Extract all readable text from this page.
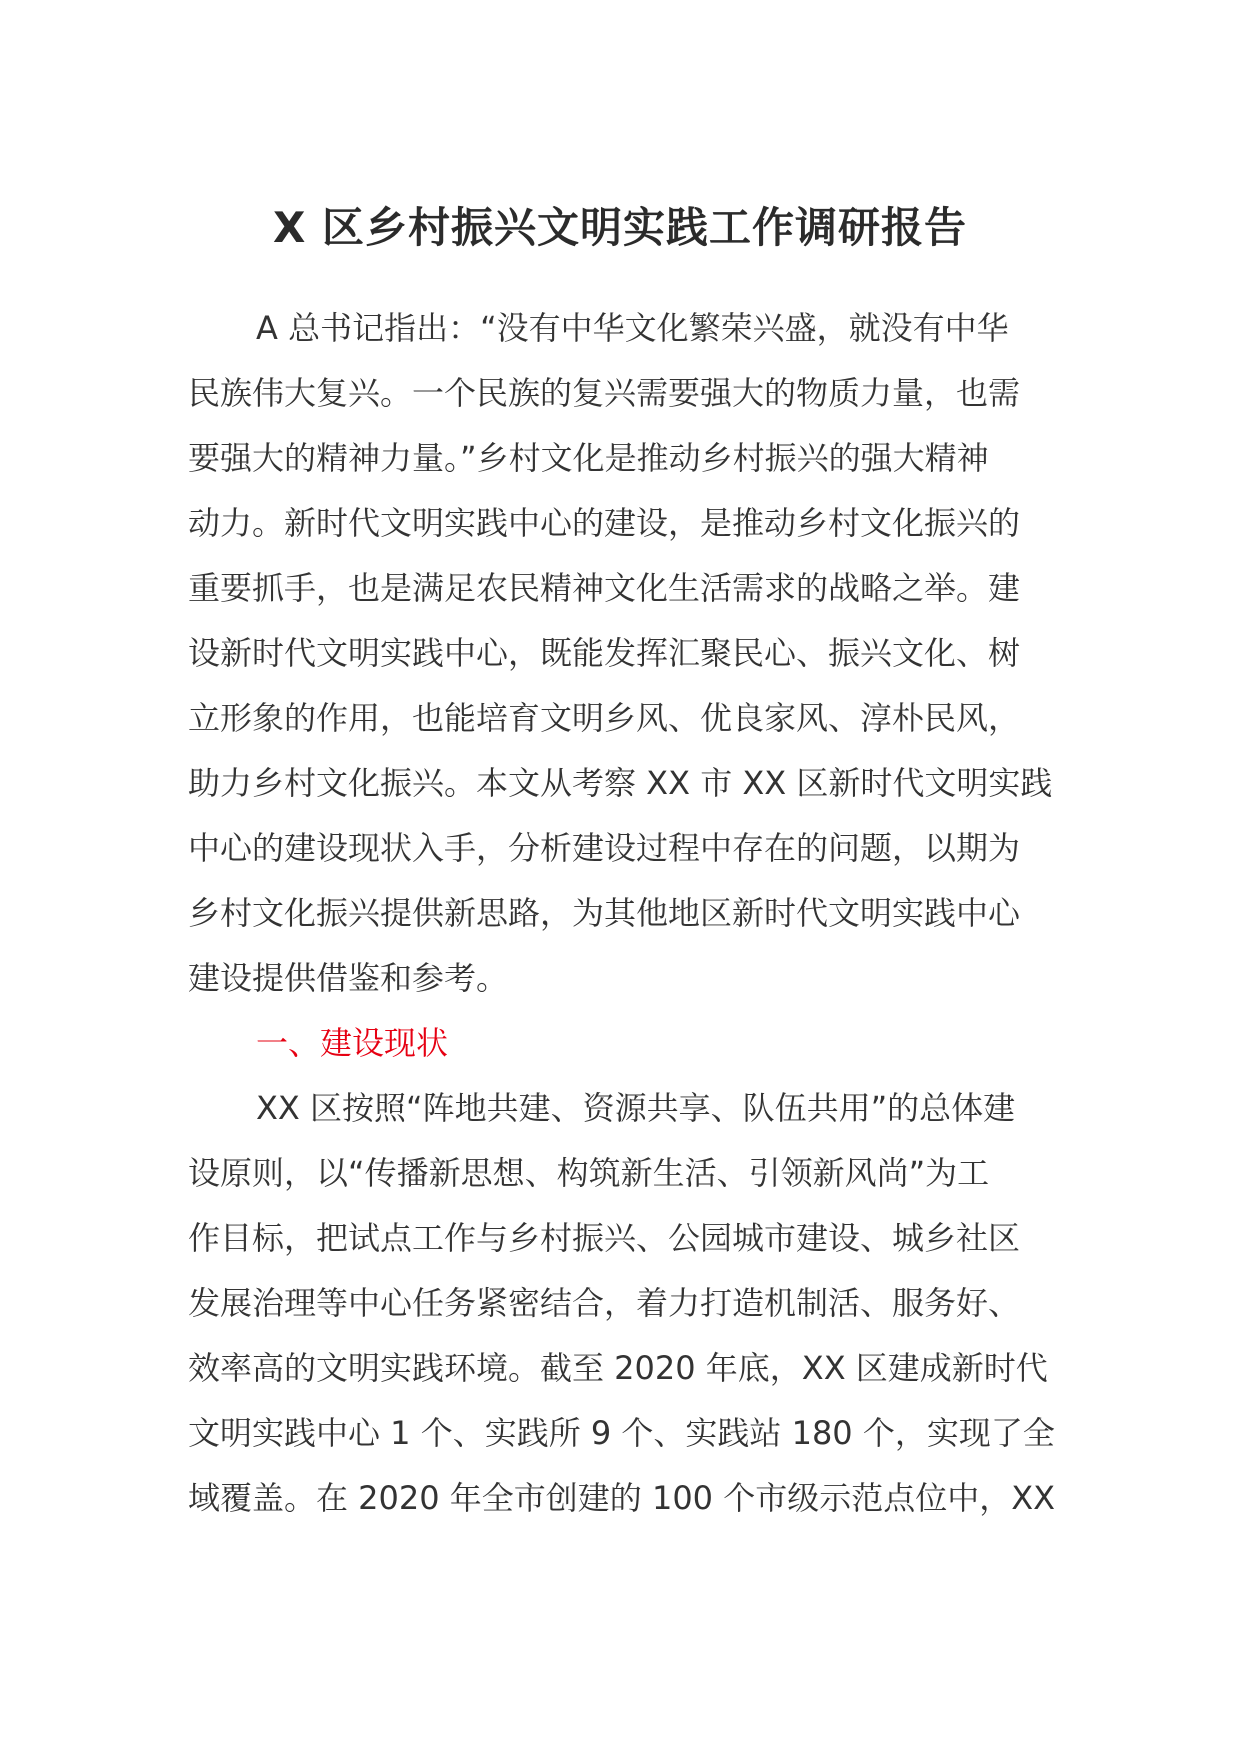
X 区乡村振兴文明实践工作调研报告
A 总书记指出：“没有中华文化繁荣兴盛，就没有中华
民族伟大复兴。一个民族的复兴需要强大的物质力量，也需
要强大的精神力量。”乡村文化是推动乡村振兴的强大精神
动力。新时代文明实践中心的建设，是推动乡村文化振兴的
重要抓手，也是满足农民精神文化生活需求的战略之举。建
设新时代文明实践中心，既能发挥汇聚民心、振兴文化、树
立形象的作用，也能培育文明乡风、优良家风、淳朴民风，
助力乡村文化振兴。本文从考察 XX 市 XX 区新时代文明实践
中心的建设现状入手，分析建设过程中存在的问题，以期为
乡村文化振兴提供新思路，为其他地区新时代文明实践中心
建设提供借鉴和参考。
一、建设现状
XX 区按照“阵地共建、资源共享、队伍共用”的总体建
设原则，以“传播新思想、构筑新生活、引领新风尚”为工
作目标，把试点工作与乡村振兴、公园城市建设、城乡社区
发展治理等中心任务紧密结合，着力打造机制活、服务好、
效率高的文明实践环境。截至 2020 年底，XX 区建成新时代
文明实践中心 1 个、实践所 9 个、实践站 180 个，实现了全
域覆盖。在 2020 年全市创建的 100 个市级示范点位中，XX
